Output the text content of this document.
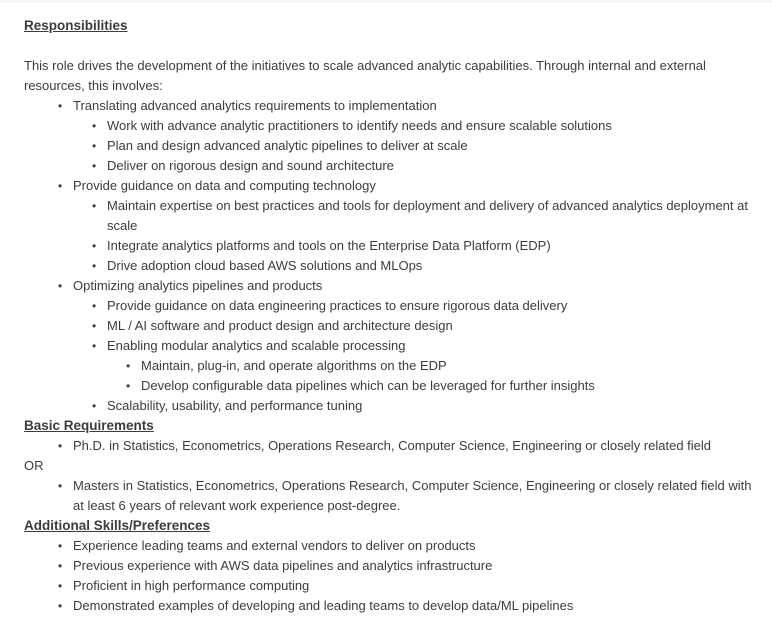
Responsibilities
This role drives the development of the initiatives to scale advanced analytic capabilities. Through internal and external resources, this involves:
• Translating advanced analytics requirements to implementation
• Work with advance analytic practitioners to identify needs and ensure scalable solutions
• Plan and design advanced analytic pipelines to deliver at scale
• Deliver on rigorous design and sound architecture
• Provide guidance on data and computing technology
• Maintain expertise on best practices and tools for deployment and delivery of advanced analytics deployment at scale
• Integrate analytics platforms and tools on the Enterprise Data Platform (EDP)
• Drive adoption cloud based AWS solutions and MLOps
• Optimizing analytics pipelines and products
• Provide guidance on data engineering practices to ensure rigorous data delivery
• ML / AI software and product design and architecture design
• Enabling modular analytics and scalable processing
• Maintain, plug-in, and operate algorithms on the EDP
• Develop configurable data pipelines which can be leveraged for further insights
• Scalability, usability, and performance tuning
Basic Requirements
• Ph.D. in Statistics, Econometrics, Operations Research, Computer Science, Engineering or closely related field
OR
• Masters in Statistics, Econometrics, Operations Research, Computer Science, Engineering or closely related field with at least 6 years of relevant work experience post-degree.
Additional Skills/Preferences
• Experience leading teams and external vendors to deliver on products
• Previous experience with AWS data pipelines and analytics infrastructure
• Proficient in high performance computing
• Demonstrated examples of developing and leading teams to develop data/ML pipelines
